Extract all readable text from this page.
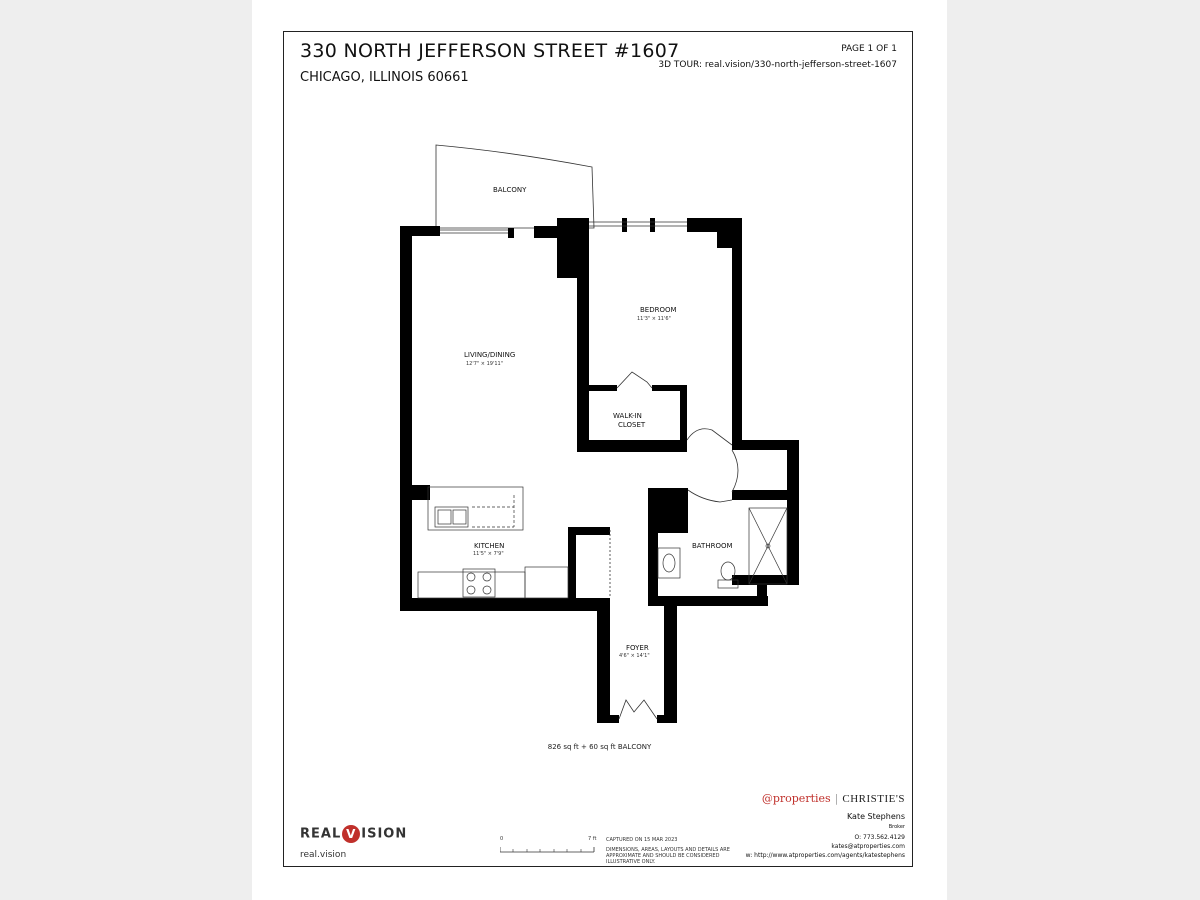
330 NORTH JEFFERSON STREET #1607
CHICAGO, ILLINOIS 60661
PAGE 1 OF 1
3D TOUR: real.vision/330-north-jefferson-street-1607
BALCONY
BEDROOM
11'3" × 11'6"
LIVING/DINING
12'7" × 19'11"
WALK-IN
CLOSET
KITCHEN
11'5" × 7'9"
BATHROOM
FOYER
4'6" × 14'1"
826 sq ft + 60 sq ft BALCONY
REAL V ISION
real.vision
0	7 ft CAPTURED ON 15 MAR 2023
DIMENSIONS, AREAS, LAYOUTS AND DETAILS ARE APPROXIMATE AND SHOULD BE CONSIDERED ILLUSTRATIVE ONLY.
@properties | CHRISTIE'S
Kate Stephens
Broker
O: 773.562.4129
kates@atproperties.com
w: http://www.atproperties.com/agents/katestephens
